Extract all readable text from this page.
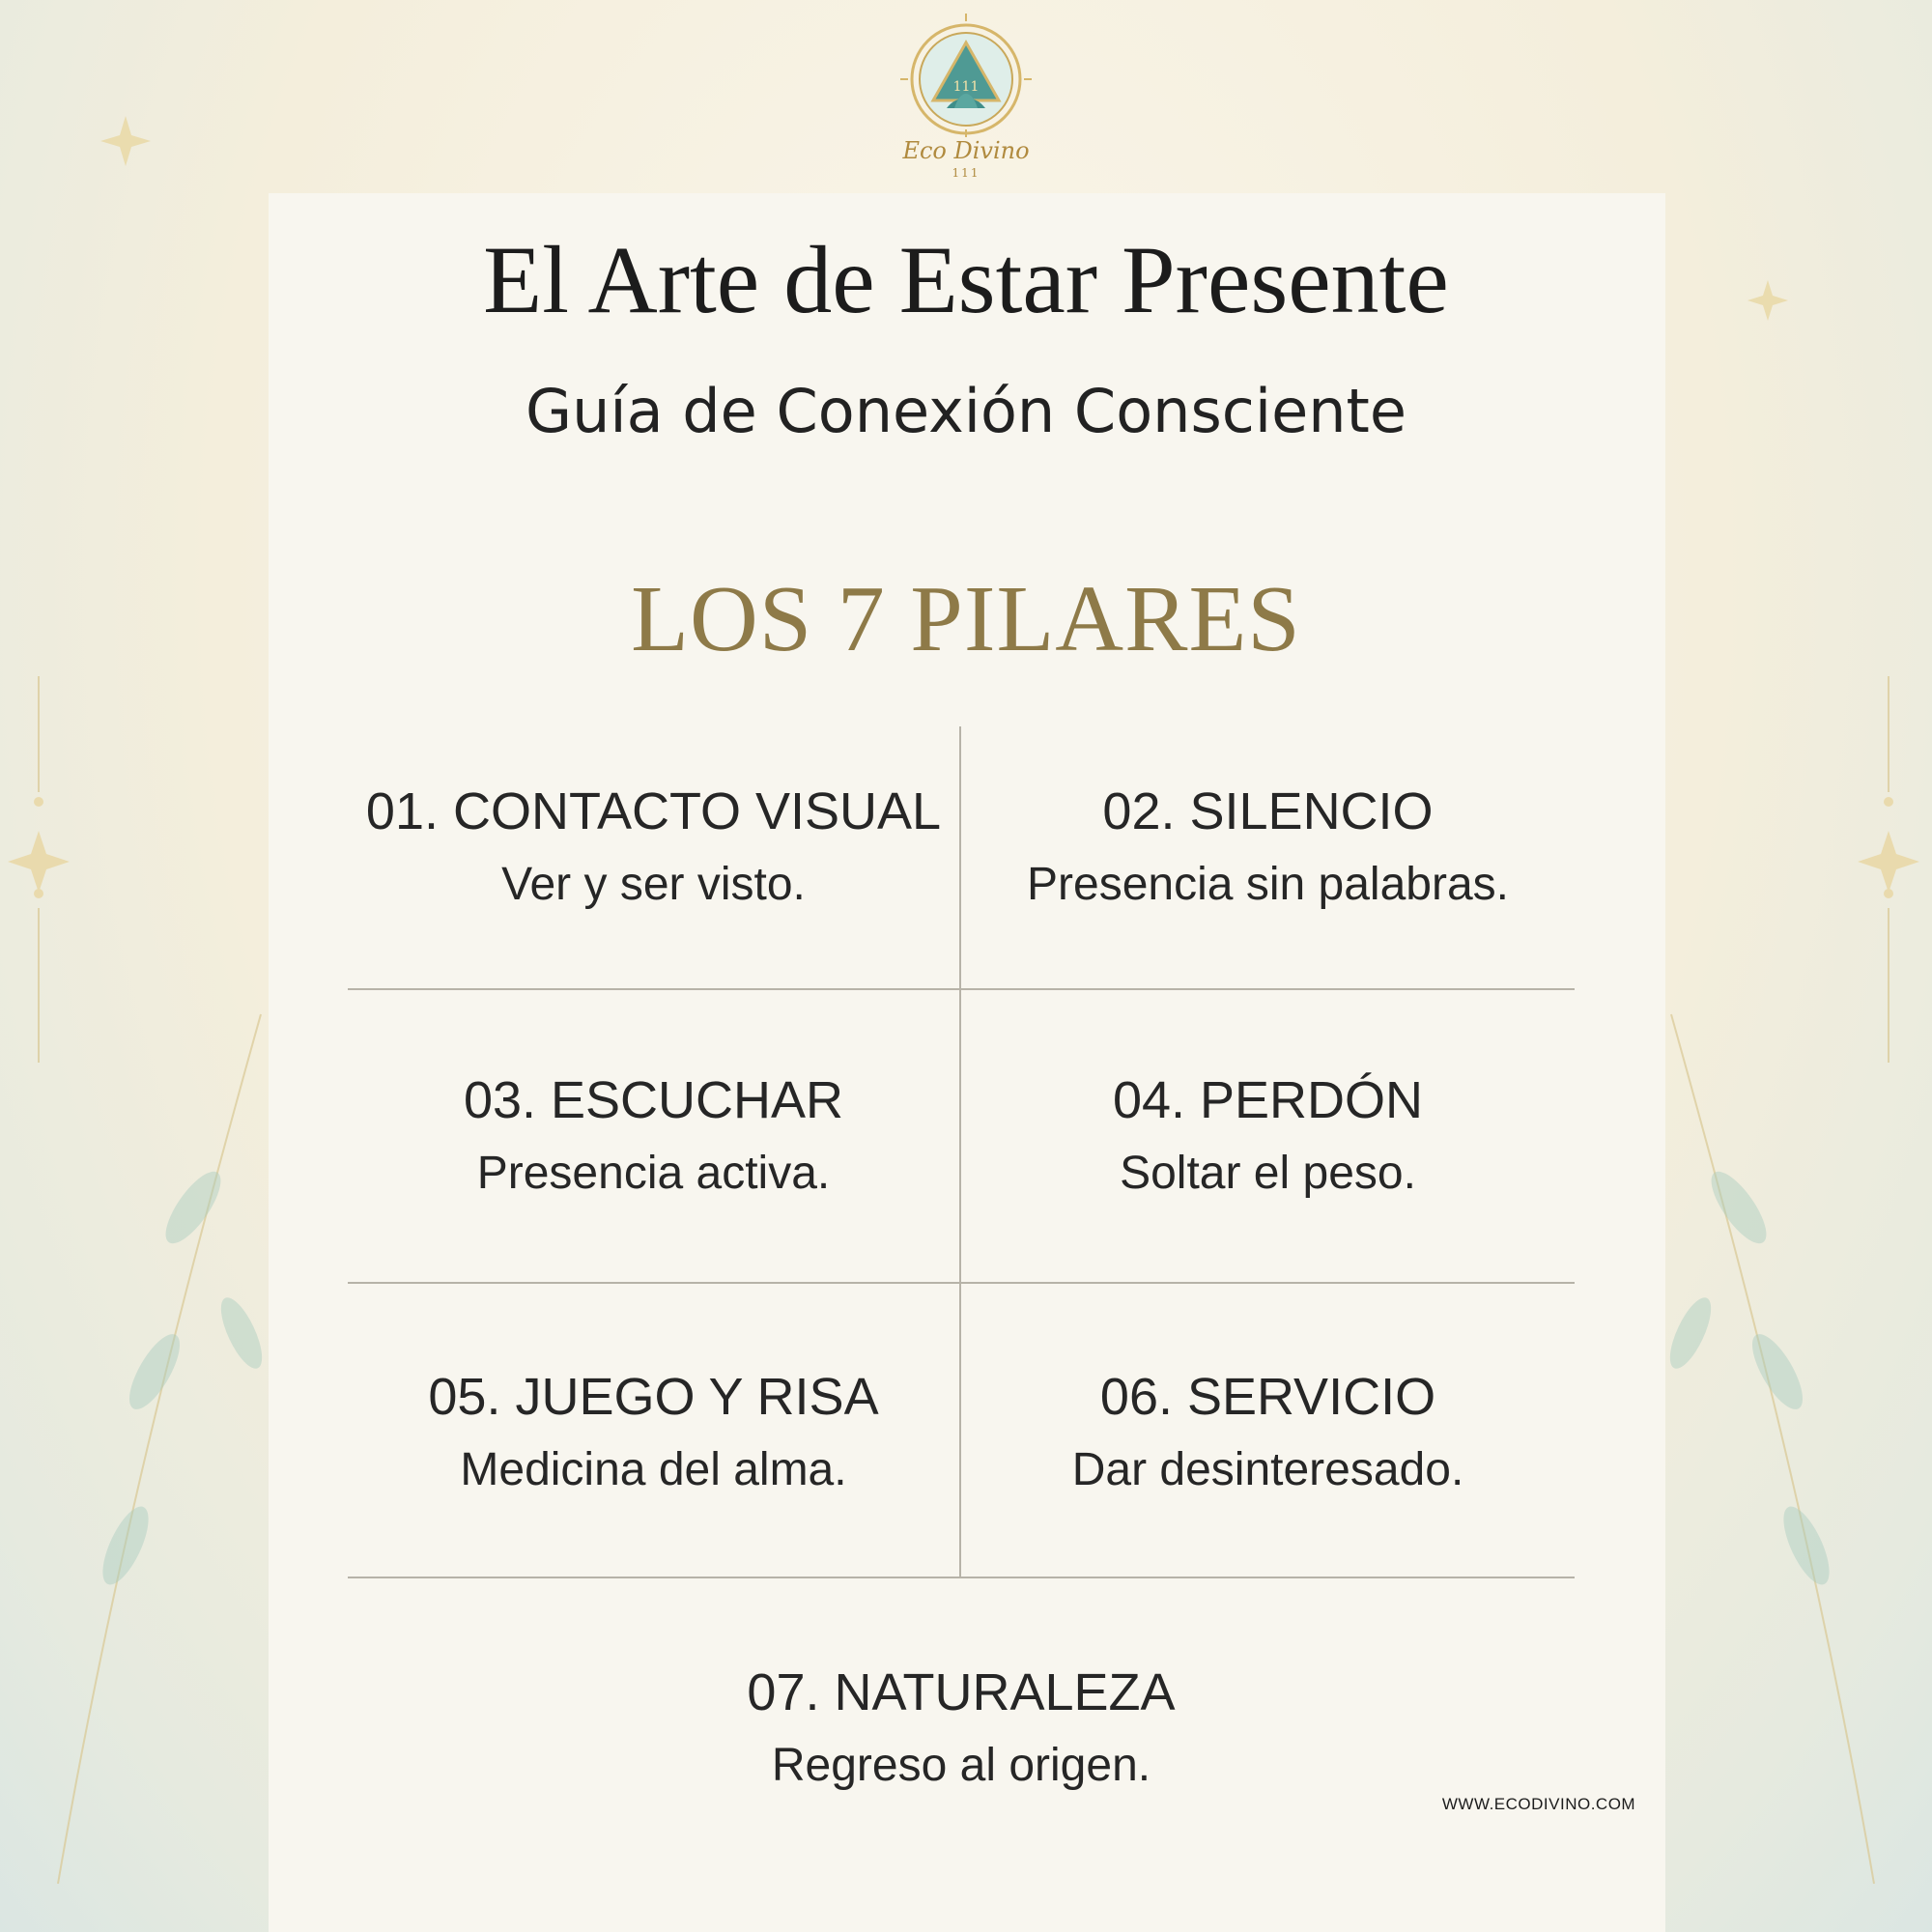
111
Eco Divino
111
El Arte de Estar Presente
Guía de Conexión Consciente
LOS 7 PILARES
01. CONTACTO VISUAL
Ver y ser visto.
02. SILENCIO
Presencia sin palabras.
03. ESCUCHAR
Presencia activa.
04. PERDÓN
Soltar el peso.
05. JUEGO Y RISA
Medicina del alma.
06. SERVICIO
Dar desinteresado.
07. NATURALEZA
Regreso al origen.
WWW.ECODIVINO.COM
